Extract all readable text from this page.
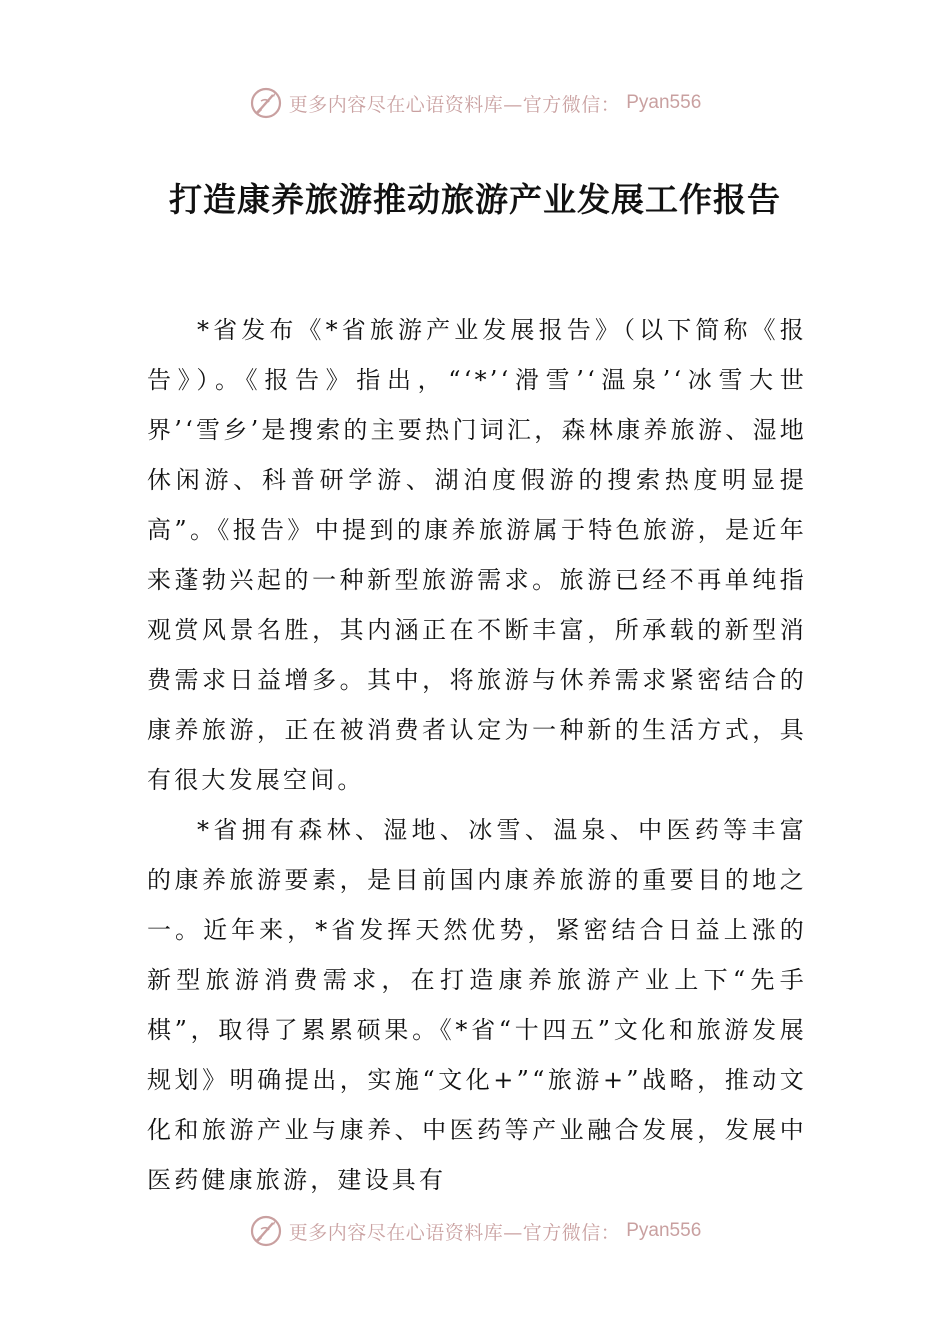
更多内容尽在心语资料库—官方微信： Pyan556
打造康养旅游推动旅游产业发展工作报告

*省发布《*省旅游产业发展报告》（以下简称《报告》）。《报告》指出，“‘*’‘滑雪’‘温泉’‘冰雪大世界’‘雪乡’是搜索的主要热门词汇，森林康养旅游、湿地休闲游、科普研学游、湖泊度假游的搜索热度明显提高”。《报告》中提到的康养旅游属于特色旅游，是近年来蓬勃兴起的一种新型旅游需求。旅游已经不再单纯指观赏风景名胜，其内涵正在不断丰富，所承载的新型消费需求日益增多。其中，将旅游与休养需求紧密结合的康养旅游，正在被消费者认定为一种新的生活方式，具有很大发展空间。

*省拥有森林、湿地、冰雪、温泉、中医药等丰富的康养旅游要素，是目前国内康养旅游的重要目的地之一。近年来，*省发挥天然优势，紧密结合日益上涨的新型旅游消费需求，在打造康养旅游产业上下“先手棋”，取得了累累硕果。《*省“十四五”文化和旅游发展规划》明确提出，实施“文化+”“旅游+”战略，推动文化和旅游产业与康养、中医药等产业融合发展，发展中医药健康旅游，建设具有

更多内容尽在心语资料库—官方微信： Pyan556
